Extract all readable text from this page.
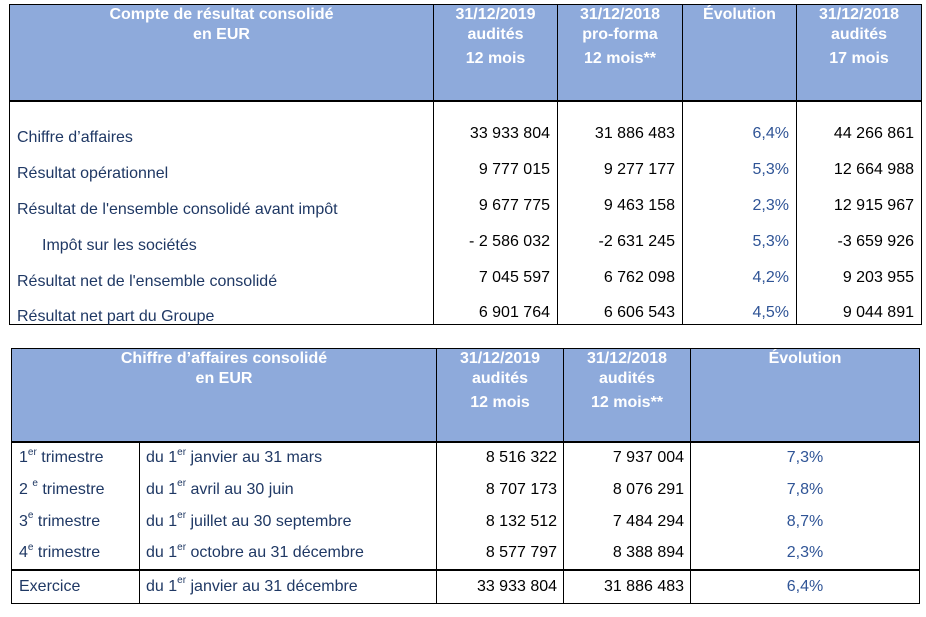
Compte de résultat consolidé
en EUR	31/12/2019
audités
12 mois	31/12/2018
pro-forma
12 mois**	Évolution	31/12/2018
audités
17 mois

Chiffre d’affaires	33 933 804	31 886 483	6,4%	44 266 861
Résultat opérationnel	9 777 015	9 277 177	5,3%	12 664 988
Résultat de l'ensemble consolidé avant impôt	9 677 775	9 463 158	2,3%	12 915 967
Impôt sur les sociétés	- 2 586 032	-2 631 245	5,3%	-3 659 926
Résultat net de l'ensemble consolidé	7 045 597	6 762 098	4,2%	9 203 955
Résultat net part du Groupe	6 901 764	6 606 543	4,5%	9 044 891
Chiffre d’affaires consolidé
en EUR		31/12/2019
audités
12 mois	31/12/2018
audités
12 mois**	Évolution
1er trimestre	du 1er janvier au 31 mars	8 516 322	7 937 004	7,3%
2 $^e$ trimestre	du 1er avril au 30 juin	8 707 173	8 076 291	7,8%
3e trimestre	du 1er juillet au 30 septembre	8 132 512	7 484 294	8,7%
4e trimestre	du 1er octobre au 31 décembre	8 577 797	8 388 894	2,3%
Exercice	du 1er janvier au 31 décembre	33 933 804	31 886 483	6,4%
